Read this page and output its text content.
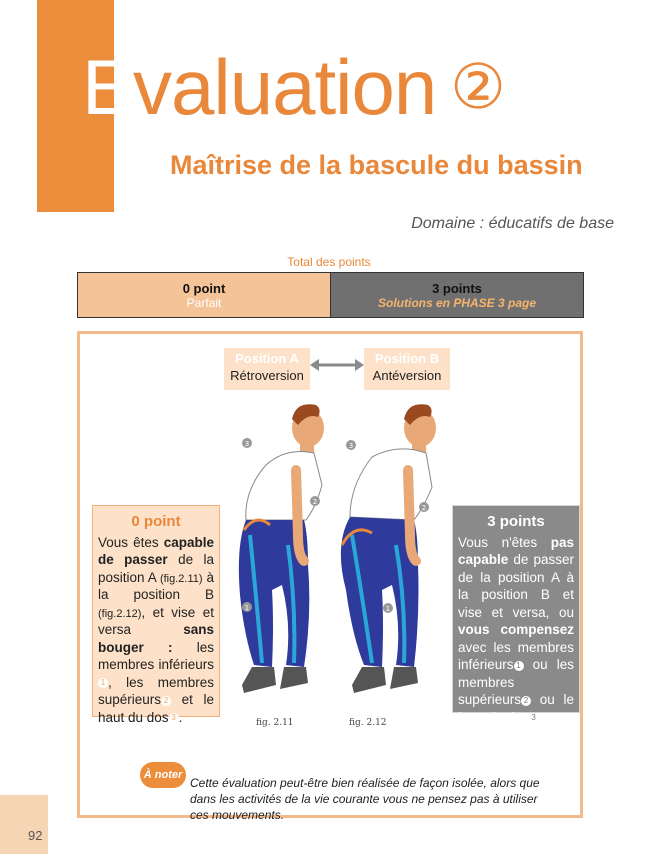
Evaluation ②
Maîtrise de la bascule du bassin
Domaine : éducatifs de base
Total des points
0 point
Parfait
3 points
Solutions en PHASE 3 page
Position A
Rétroversion
Position B
Antéversion
3
2
1
3
2
1
fig. 2.11	fig. 2.12
0 point
Vous êtes capable de passer de la position A (fig.2.11) à la position B (fig.2.12), et vise et versa sans bouger : les membres inférieurs1 , les membres supérieurs 2 et le haut du dos 3 .
3 points
Vous n'êtes pas capable de passer de la position A à la position B et vise et versa, ou vous compensez avec les membres inférieurs 1 ou les membres supérieurs 2 ou le haut du dos 3 .
À noter
Cette évaluation peut-être bien réalisée de façon isolée, alors que dans les activités de la vie courante vous ne pensez pas à utiliser ces mouvements.
92
